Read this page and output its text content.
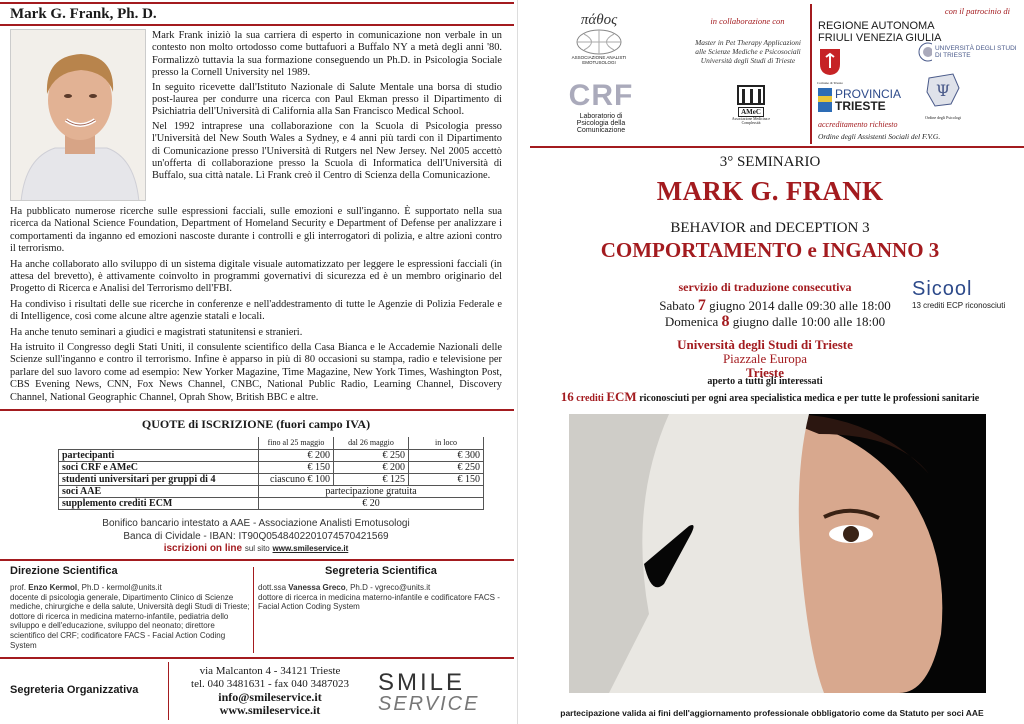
Mark G. Frank, Ph. D.

Mark Frank iniziò la sua carriera di esperto in comunicazione non verbale in un contesto non molto ortodosso come buttafuori a Buffalo NY a metà degli anni '80. Formalizzò tuttavia la sua formazione conseguendo un Ph.D. in Psicologia Sociale presso la Cornell University nel 1989.

In seguito ricevette dall'Istituto Nazionale di Salute Mentale una borsa di studio post-laurea per condurre una ricerca con Paul Ekman presso il Dipartimento di Psichiatria dell'Università di California alla San Francisco Medical School.

Nel 1992 intraprese una collaborazione con la Scuola di Psicologia presso l'Università del New South Wales a Sydney, e 4 anni più tardi con il Dipartimento di Comunicazione presso l'Università di Rutgers nel New Jersey. Nel 2005 accettò un'offerta di collaborazione presso la Scuola di Informatica dell'Università di Buffalo, sua città natale. Lì Frank creò il Centro di Scienza della Comunicazione.

Ha pubblicato numerose ricerche sulle espressioni facciali, sulle emozioni e sull'inganno. È supportato nella sua ricerca da National Science Foundation, Department of Homeland Security e Department of Defense per analizzare i comportamenti da inganno ed emozioni nascoste durante i controlli e gli interrogatori di polizia, e altre azioni contro il terrorismo.

Ha anche collaborato allo sviluppo di un sistema digitale visuale automatizzato per leggere le espressioni facciali (in attesa del brevetto), è attivamente coinvolto in programmi governativi di sicurezza ed è un membro originario del Progetto di Ricerca e Analisi del Terrorismo dell'FBI.

Ha condiviso i risultati delle sue ricerche in conferenze e nell'addestramento di tutte le Agenzie di Polizia Federale e di Intelligence, così come alcune altre agenzie statali e locali.

Ha anche tenuto seminari a giudici e magistrati statunitensi e stranieri.

Ha istruito il Congresso degli Stati Uniti, il consulente scientifico della Casa Bianca e le Accademie Nazionali delle Scienze sull'inganno e contro il terrorismo. Infine è apparso in più di 80 occasioni su stampa, radio e televisione per parlare del suo lavoro come ad esempio: New Yorker Magazine, Time Magazine, New York Times, Washington Post, CBS Evening News, CNN, Fox News Channel, CNBC, National Public Radio, Learning Channel, Discovery Channel, National Geographic Channel, Oprah Show, British BBC e altre.

QUOTE di ISCRIZIONE (fuori campo IVA)
	fino al 25 maggio	dal 26 maggio	in loco
partecipanti	€ 200	€ 250	€ 300
soci CRF e AMeC	€ 150	€ 200	€ 250
studenti universitari per gruppi di 4	ciascuno € 100	€ 125	€ 150
soci AAE	partecipazione gratuita		
supplemento crediti ECM	€ 20		
Bonifico bancario intestato a AAE - Associazione Analisti Emotusologi
Banca di Cividale - IBAN: IT90Q0548402201074570421569
iscrizioni on line sul sito www.smileservice.it
Direzione Scientifica
prof. Enzo Kermol, Ph.D - kermol@units.it
docente di psicologia generale, Dipartimento Clinico di Scienze mediche, chirurgiche e della salute, Università degli Studi di Trieste; dottore di ricerca in medicina materno-infantile, pediatria dello sviluppo e dell'educazione, sviluppo del neonato; direttore scientifico del CRF; codificatore FACS - Facial Action Coding System
Segreteria Scientifica
dott.ssa Vanessa Greco, Ph.D - vgreco@units.it
dottore di ricerca in medicina materno-infantile e codificatore FACS - Facial Action Coding System
Segreteria Organizzativa
via Malcanton 4 - 34121 Trieste
tel. 040 3481631 - fax 040 3487023
info@smileservice.it
www.smileservice.it
SMILE
SERVICE
πάθος
ASSOCIAZIONE ANALISTI EMOTUSOLOGI
CRF
Laboratorio di Psicologia della Comunicazione
in collaborazione con
Master in Pet Therapy Applicazioni alle Scienze Mediche e Psicosociali Università degli Studi di Trieste
AMeC
Associazione Medicina e Complessità
con il patrocinio di
REGIONE AUTONOMA FRIULI VENEZIA GIULIA
UNIVERSITÀ DEGLI STUDI DI TRIESTE
Comune di Trieste
PROVINCIA
TRIESTE
Ψ
Ordine degli Psicologi
accreditamento richiesto
Ordine degli Assistenti Sociali del F.V.G.
3° SEMINARIO
MARK G. FRANK
BEHAVIOR and DECEPTION 3
COMPORTAMENTO e INGANNO 3
servizio di traduzione consecutiva
Sabato 7 giugno 2014 dalle 09:30 alle 18:00
Domenica 8 giugno dalle 10:00 alle 18:00
Sicool
13 crediti ECP riconosciuti
Università degli Studi di Trieste
Piazzale Europa
Trieste
aperto a tutti gli interessati
16 crediti ECM riconosciuti per ogni area specialistica medica e per tutte le professioni sanitarie
partecipazione valida ai fini dell'aggiornamento professionale obbligatorio come da Statuto per soci AAE
